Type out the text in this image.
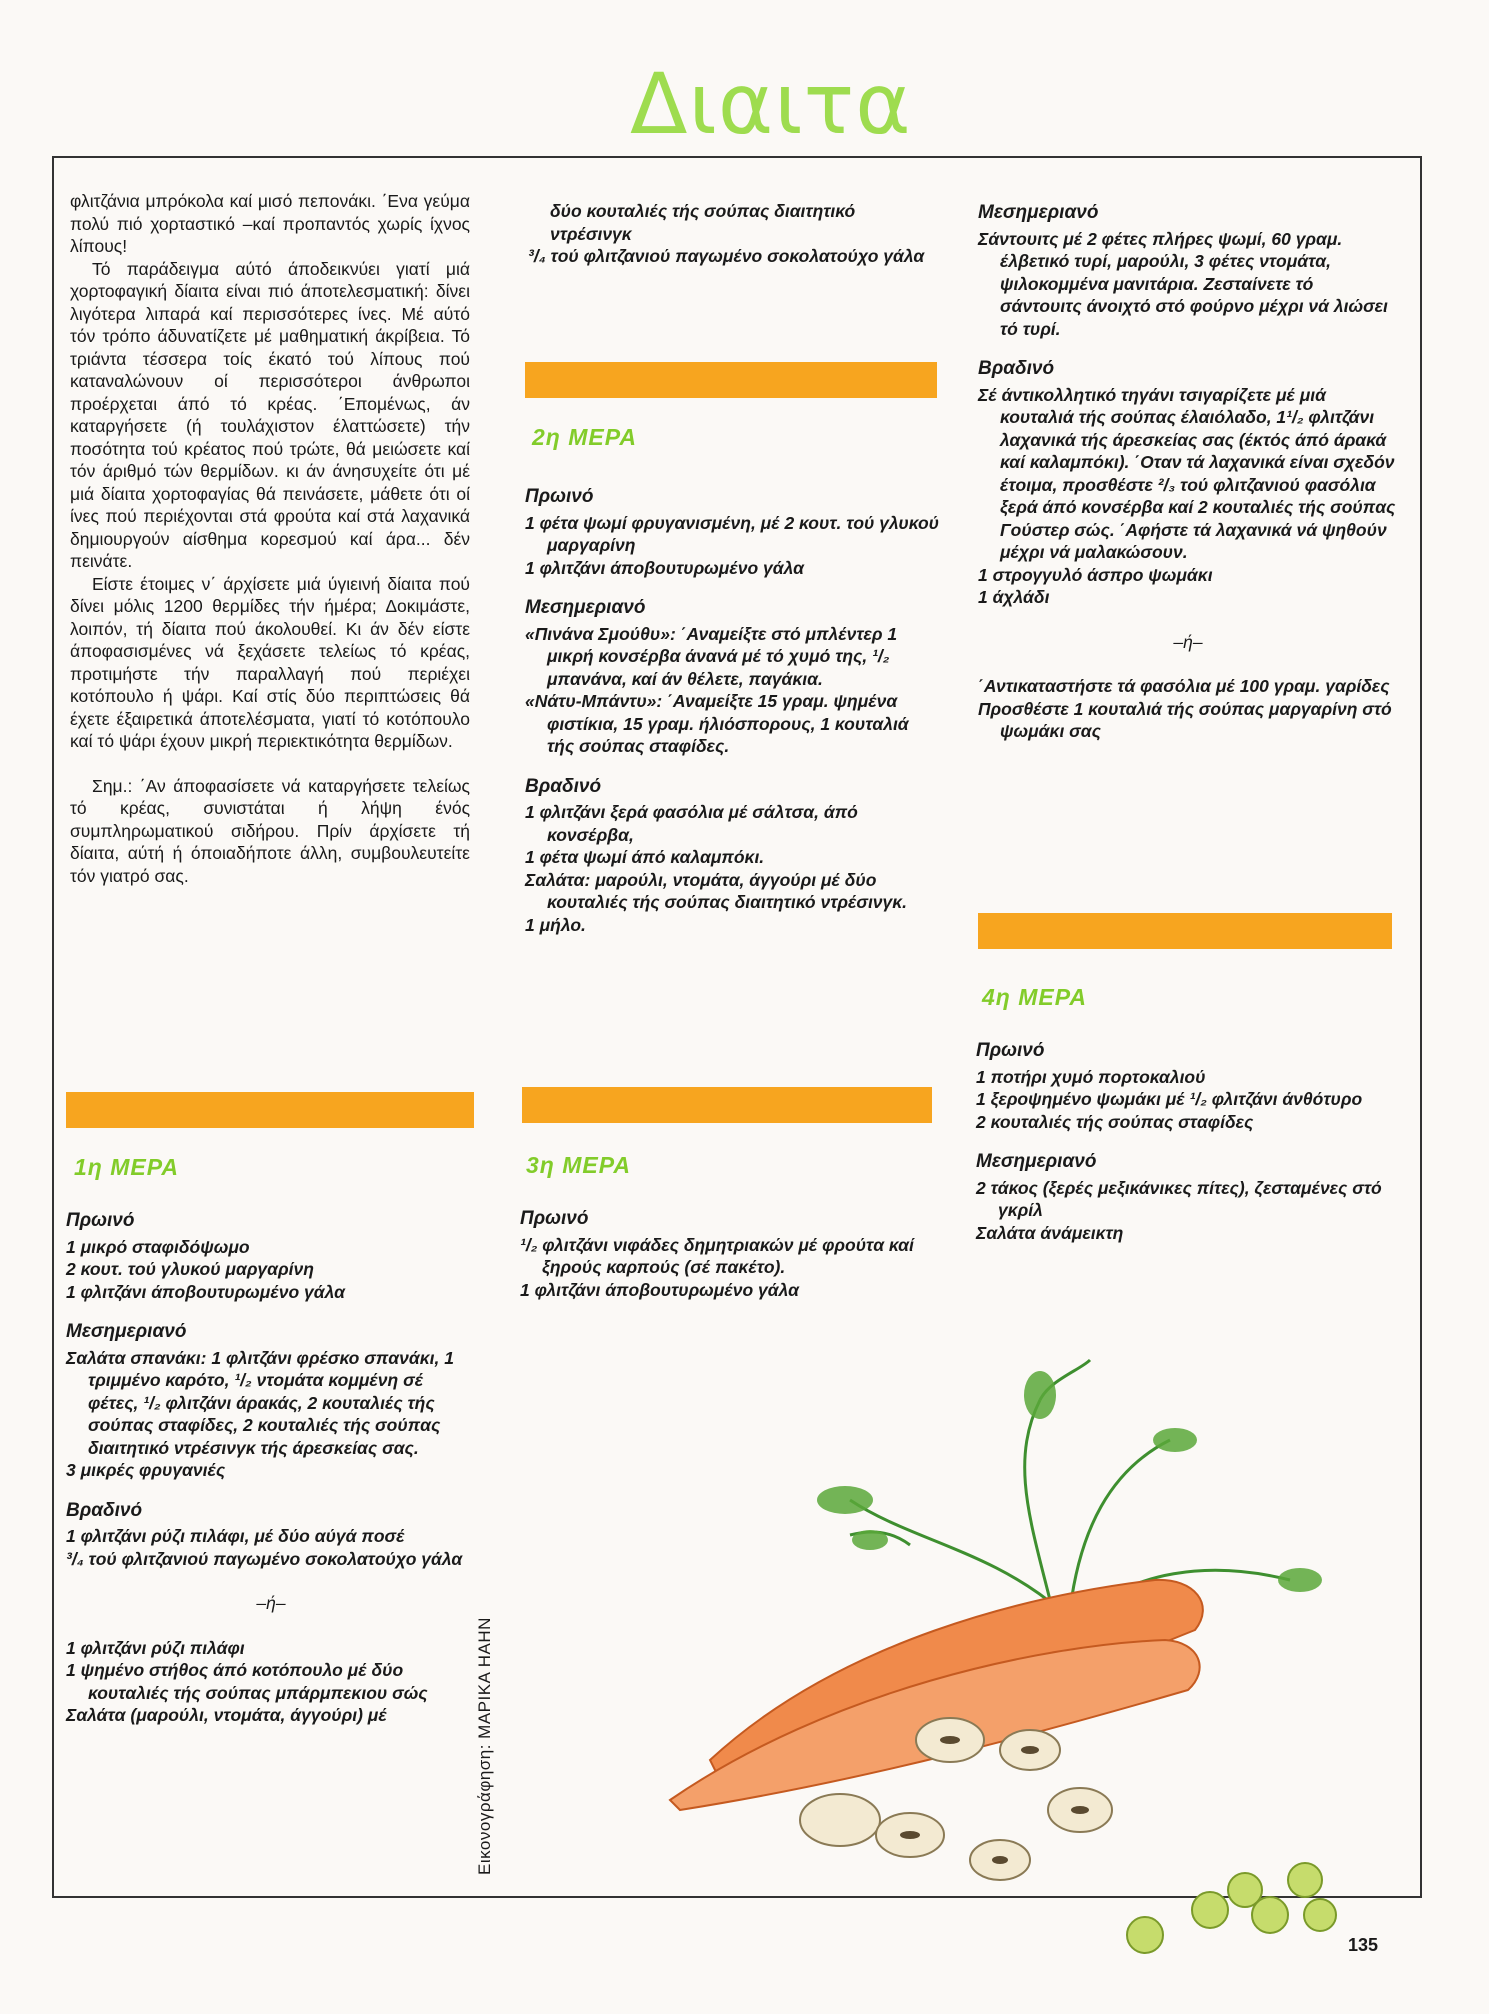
Διαιτα

φλιτζάνια μπρόκολα καί μισό πεπονάκι. ΄Ενα γεύμα πολύ πιό χορταστικό –καί προπαντός χωρίς ίχνος λίπους!

Τό παράδειγμα αύτό άποδεικνύει γιατί μιά χορτοφαγική δίαιτα είναι πιό άποτελεσματική: δίνει λιγότερα λιπαρά καί περισσότερες ίνες. Μέ αύτό τόν τρόπο άδυνατίζετε μέ μαθηματική άκρίβεια. Τό τριάντα τέσσερα τοίς έκατό τού λίπους πού καταναλώνουν οί περισσότεροι άνθρωποι προέρχεται άπό τό κρέας. ΄Επομένως, άν καταργήσετε (ή τουλάχιστον έλαττώσετε) τήν ποσότητα τού κρέατος πού τρώτε, θά μειώσετε καί τόν άριθμό τών θερμίδων. κι άν άνησυχείτε ότι μέ μιά δίαιτα χορτοφαγίας θά πεινάσετε, μάθετε ότι οί ίνες πού περιέχονται στά φρούτα καί στά λαχανικά δημιουργούν αίσθημα κορεσμού καί άρα... δέν πεινάτε.

Είστε έτοιμες ν΄ άρχίσετε μιά ύγιεινή δίαιτα πού δίνει μόλις 1200 θερμίδες τήν ήμέρα; Δοκιμάστε, λοιπόν, τή δίαιτα πού άκολουθεί. Κι άν δέν είστε άποφασισμένες νά ξεχάσετε τελείως τό κρέας, προτιμήστε τήν παραλλαγή πού περιέχει κοτόπουλο ή ψάρι. Καί στίς δύο περιπτώσεις θά έχετε έξαιρετικά άποτελέσματα, γιατί τό κοτόπουλο καί τό ψάρι έχουν μικρή περιεκτικότητα θερμίδων.

Σημ.: ΄Αν άποφασίσετε νά καταργήσετε τελείως τό κρέας, συνιστάται ή λήψη ένός συμπληρωματικού σιδήρου. Πρίν άρχίσετε τή δίαιτα, αύτή ή όποιαδήποτε άλλη, συμβουλευτείτε τόν γιατρό σας.

δύο κουταλιές τής σούπας διαιτητικό ντρέσινγκ

³/₄ τού φλιτζανιού παγωμένο σοκολατούχο γάλα

2η ΜΕΡΑ

Πρωινό

1 φέτα ψωμί φρυγανισμένη, μέ 2 κουτ. τού γλυκού μαργαρίνη

1 φλιτζάνι άποβουτυρωμένο γάλα

Μεσημεριανό

«Πινάνα Σμούθυ»: ΄Αναμείξτε στό μπλέντερ 1 μικρή κονσέρβα άνανά μέ τό χυμό της, ¹/₂ μπανάνα, καί άν θέλετε, παγάκια.

«Νάτυ-Μπάντυ»: ΄Αναμείξτε 15 γραμ. ψημένα φιστίκια, 15 γραμ. ήλιόσπορους, 1 κουταλιά τής σούπας σταφίδες.

Βραδινό

1 φλιτζάνι ξερά φασόλια μέ σάλτσα, άπό κονσέρβα,

1 φέτα ψωμί άπό καλαμπόκι.

Σαλάτα: μαρούλι, ντομάτα, άγγούρι μέ δύο κουταλιές τής σούπας διαιτητικό ντρέσινγκ.

1 μήλο.

Μεσημεριανό

Σάντουιτς μέ 2 φέτες πλήρες ψωμί, 60 γραμ. έλβετικό τυρί, μαρούλι, 3 φέτες ντομάτα, ψιλοκομμένα μανιτάρια. Ζεσταίνετε τό σάντουιτς άνοιχτό στό φούρνο μέχρι νά λιώσει τό τυρί.

Βραδινό

Σέ άντικολλητικό τηγάνι τσιγαρίζετε μέ μιά κουταλιά τής σούπας έλαιόλαδο, 1¹/₂ φλιτζάνι λαχανικά τής άρεσκείας σας (έκτός άπό άρακά καί καλαμπόκι). ΄Οταν τά λαχανικά είναι σχεδόν έτοιμα, προσθέστε ²/₃ τού φλιτζανιού φασόλια ξερά άπό κονσέρβα καί 2 κουταλιές τής σούπας Γούστερ σώς. ΄Αφήστε τά λαχανικά νά ψηθούν μέχρι νά μαλακώσουν.

1 στρογγυλό άσπρο ψωμάκι

1 άχλάδι

–ή–

΄Αντικαταστήστε τά φασόλια μέ 100 γραμ. γαρίδες

Προσθέστε 1 κουταλιά τής σούπας μαργαρίνη στό ψωμάκι σας

4η ΜΕΡΑ

Πρωινό

1 ποτήρι χυμό πορτοκαλιού

1 ξεροψημένο ψωμάκι μέ ¹/₂ φλιτζάνι άνθότυρο

2 κουταλιές τής σούπας σταφίδες

Μεσημεριανό

2 τάκος (ξερές μεξικάνικες πίτες), ζεσταμένες στό γκρίλ

Σαλάτα άνάμεικτη

1η ΜΕΡΑ

Πρωινό

1 μικρό σταφιδόψωμο

2 κουτ. τού γλυκού μαργαρίνη

1 φλιτζάνι άποβουτυρωμένο γάλα

Μεσημεριανό

Σαλάτα σπανάκι: 1 φλιτζάνι φρέσκο σπανάκι, 1 τριμμένο καρότο, ¹/₂ ντομάτα κομμένη σέ φέτες, ¹/₂ φλιτζάνι άρακάς, 2 κουταλιές τής σούπας σταφίδες, 2 κουταλιές τής σούπας διαιτητικό ντρέσινγκ τής άρεσκείας σας.

3 μικρές φρυγανιές

Βραδινό

1 φλιτζάνι ρύζι πιλάφι, μέ δύο αύγά ποσέ

³/₄ τού φλιτζανιού παγωμένο σοκολατούχο γάλα

–ή–

1 φλιτζάνι ρύζι πιλάφι

1 ψημένο στήθος άπό κοτόπουλο μέ δύο κουταλιές τής σούπας μπάρμπεκιου σώς

Σαλάτα (μαρούλι, ντομάτα, άγγούρι) μέ

3η ΜΕΡΑ

Πρωινό

¹/₂ φλιτζάνι νιφάδες δημητριακών μέ φρούτα καί ξηρούς καρπούς (σέ πακέτο).

1 φλιτζάνι άποβουτυρωμένο γάλα

Εικονογράφηση: ΜΑΡΙΚΑ ΗΑΗΝ
135
